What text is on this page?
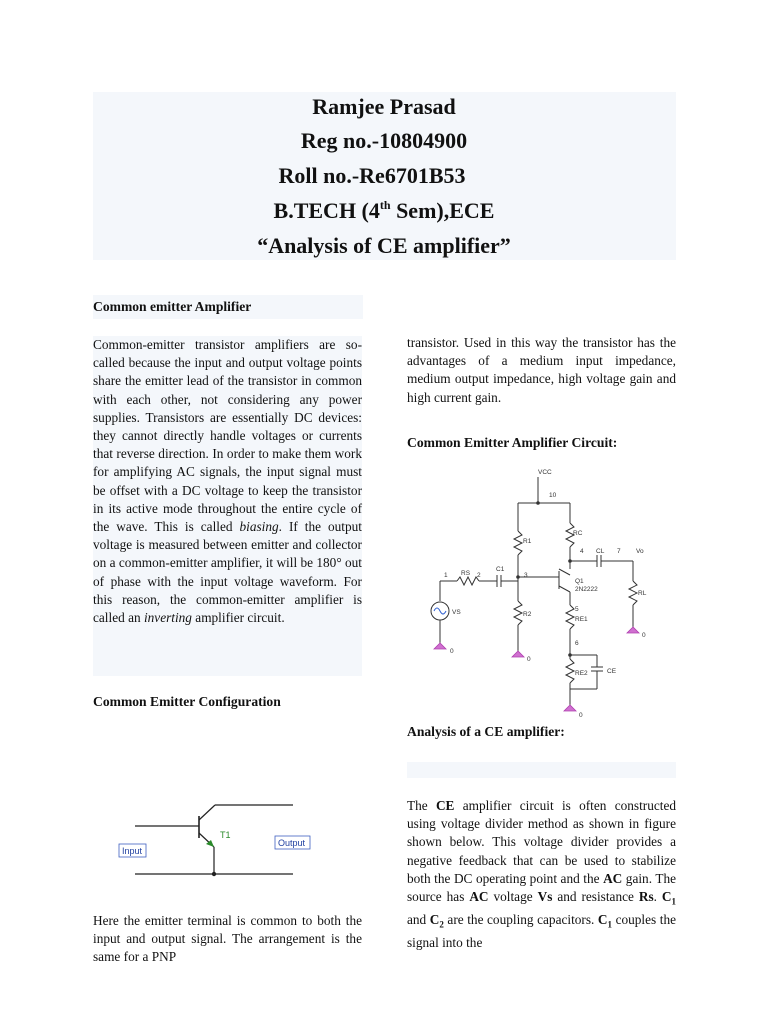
Ramjee Prasad

Reg no.-10804900

Roll no.-Re6701B53

B.TECH (4th Sem),ECE

“Analysis of CE amplifier”

Common emitter Amplifier
Common-emitter transistor amplifiers are so-called because the input and output voltage points share the emitter lead of the transistor in common with each other, not considering any power supplies. Transistors are essentially DC devices: they cannot directly handle voltages or currents that reverse direction. In order to make them work for amplifying AC signals, the input signal must be offset with a DC voltage to keep the transistor in its active mode throughout the entire cycle of the wave. This is called biasing. If the output voltage is measured between emitter and collector on a common-emitter amplifier, it will be 180° out of phase with the input voltage waveform. For this reason, the common-emitter amplifier is called an inverting amplifier circuit.
Common Emitter Configuration
T1
Input
Output
Here the emitter terminal is common to both the input and output signal. The arrangement is the same for a PNP
transistor. Used in this way the transistor has the advantages of a medium input impedance, medium output impedance, high voltage gain and high current gain.
Common Emitter Amplifier Circuit:
VCC
10
RC
R1
4 CL 7 Vo
1 RS 2
C1
3
Q1
2N2222
VS
RL
5
R2
RE1
6
RE2	CE
0
0
0
0
Analysis of a CE amplifier:
The CE amplifier circuit is often constructed using voltage divider method as shown in figure shown below. This voltage divider provides a negative feedback that can be used to stabilize both the DC operating point and the AC gain. The source has AC voltage Vs and resistance Rs. $C_1$ and $C_2$ are the coupling capacitors. $C_1$ couples the signal into the
